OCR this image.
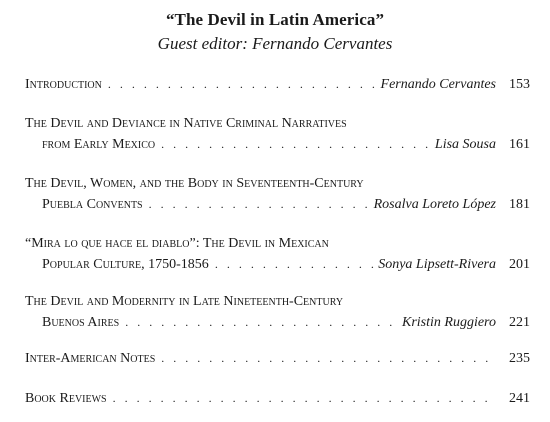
“The Devil in Latin America”
Guest editor: Fernando Cervantes
Introduction . . .	Fernando Cervantes 153
The Devil and Deviance in Native Criminal Narratives
from Early Mexico . . .	Lisa Sousa 161
The Devil, Women, and the Body in Seventeenth-Century
Puebla Convents . . .	Rosalva Loreto López 181
“Mira lo que hace el diablo”: The Devil in Mexican
Popular Culture, 1750-1856 . . .	Sonya Lipsett-Rivera 201
The Devil and Modernity in Late Nineteenth-Century
Buenos Aires . . .	Kristin Ruggiero 221
Inter-American Notes . . .	235
Book Reviews . . .	241
